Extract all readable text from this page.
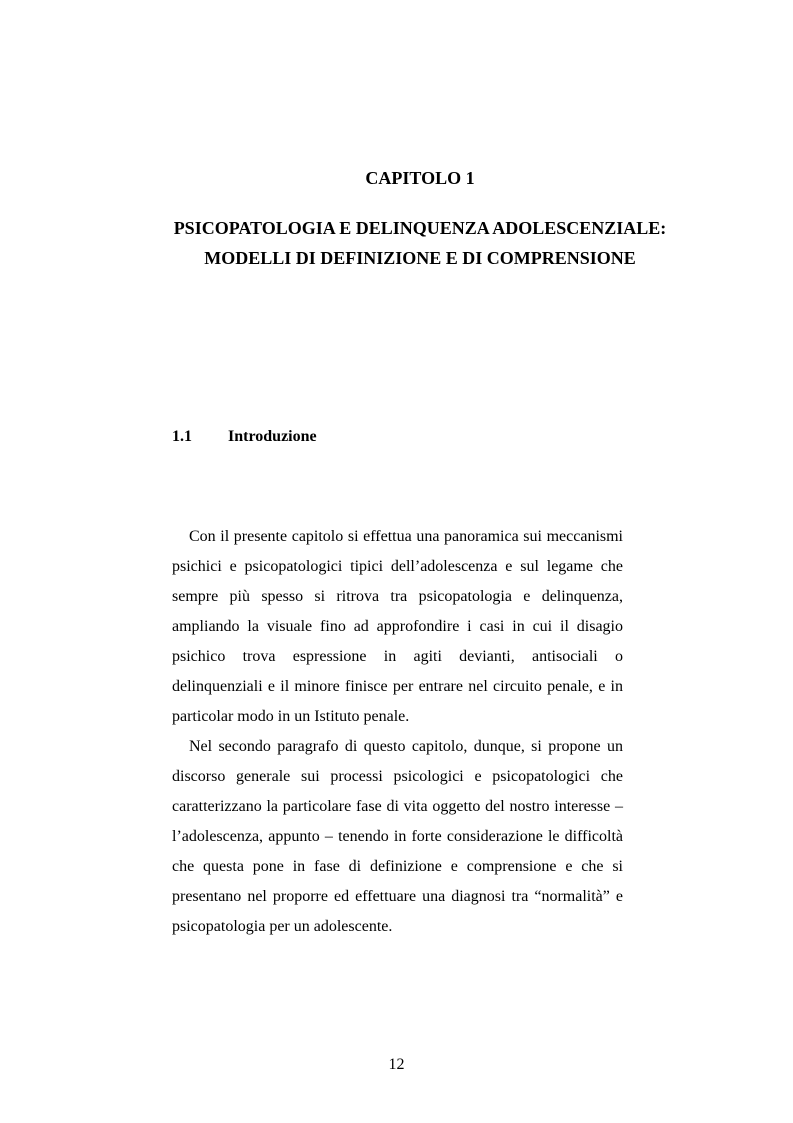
CAPITOLO 1
PSICOPATOLOGIA E DELINQUENZA ADOLESCENZIALE: MODELLI DI DEFINIZIONE E DI COMPRENSIONE
1.1 Introduzione

Con il presente capitolo si effettua una panoramica sui meccanismi psichici e psicopatologici tipici dell’adolescenza e sul legame che sempre più spesso si ritrova tra psicopatologia e delinquenza, ampliando la visuale fino ad approfondire i casi in cui il disagio psichico trova espressione in agiti devianti, antisociali o delinquenziali e il minore finisce per entrare nel circuito penale, e in particolar modo in un Istituto penale.

Nel secondo paragrafo di questo capitolo, dunque, si propone un discorso generale sui processi psicologici e psicopatologici che caratterizzano la particolare fase di vita oggetto del nostro interesse – l’adolescenza, appunto – tenendo in forte considerazione le difficoltà che questa pone in fase di definizione e comprensione e che si presentano nel proporre ed effettuare una diagnosi tra “normalità” e psicopatologia per un adolescente.

12
